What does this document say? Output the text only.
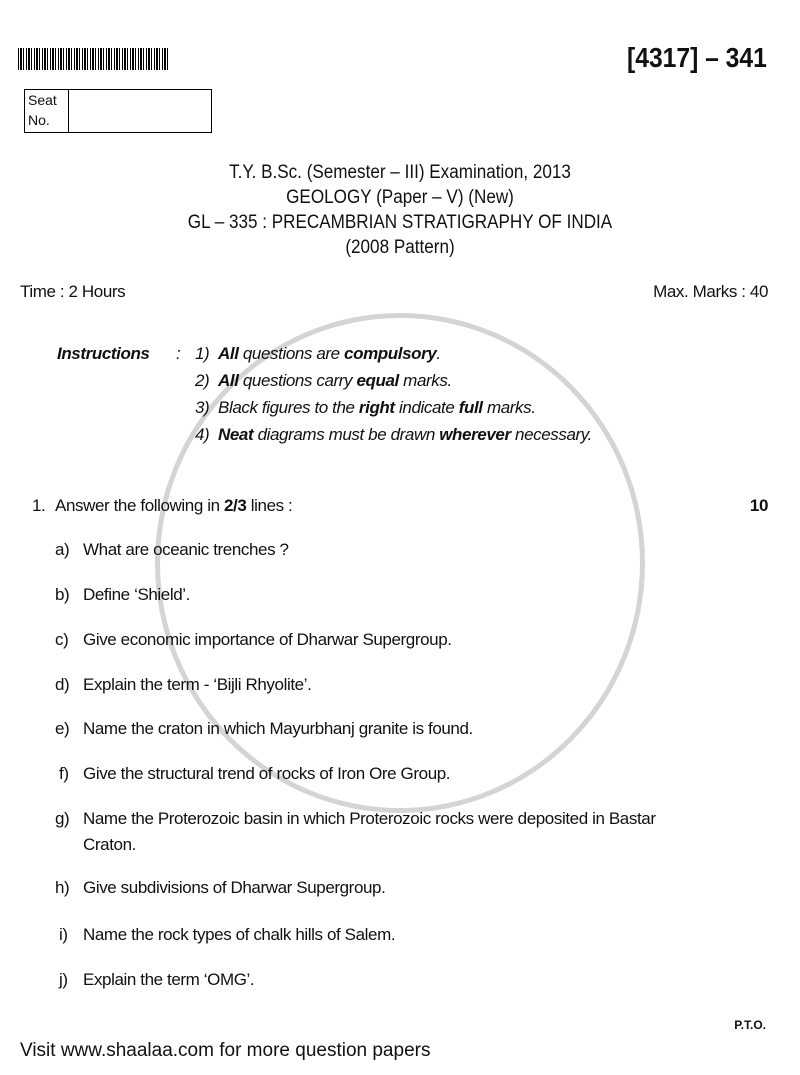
[4317] – 341
Seat
No.
T.Y. B.Sc. (Semester – III) Examination, 2013
GEOLOGY (Paper – V) (New)
GL – 335 : PRECAMBRIAN STRATIGRAPHY OF INDIA
(2008 Pattern)
Time : 2 Hours	Max. Marks : 40
Instructions : 1) All questions are compulsory.
2) All questions carry equal marks.
3) Black figures to the right indicate full marks.
4) Neat diagrams must be drawn wherever necessary.
1. Answer the following in 2/3 lines :	10
a) What are oceanic trenches ?
b) Define ‘Shield’.
c) Give economic importance of Dharwar Supergroup.
d) Explain the term - ‘Bijli Rhyolite’.
e) Name the craton in which Mayurbhanj granite is found.
f) Give the structural trend of rocks of Iron Ore Group.
g) Name the Proterozoic basin in which Proterozoic rocks were deposited in Bastar
Craton.
h) Give subdivisions of Dharwar Supergroup.
i) Name the rock types of chalk hills of Salem.
j) Explain the term ‘OMG’.
P.T.O.
Visit www.shaalaa.com for more question papers
